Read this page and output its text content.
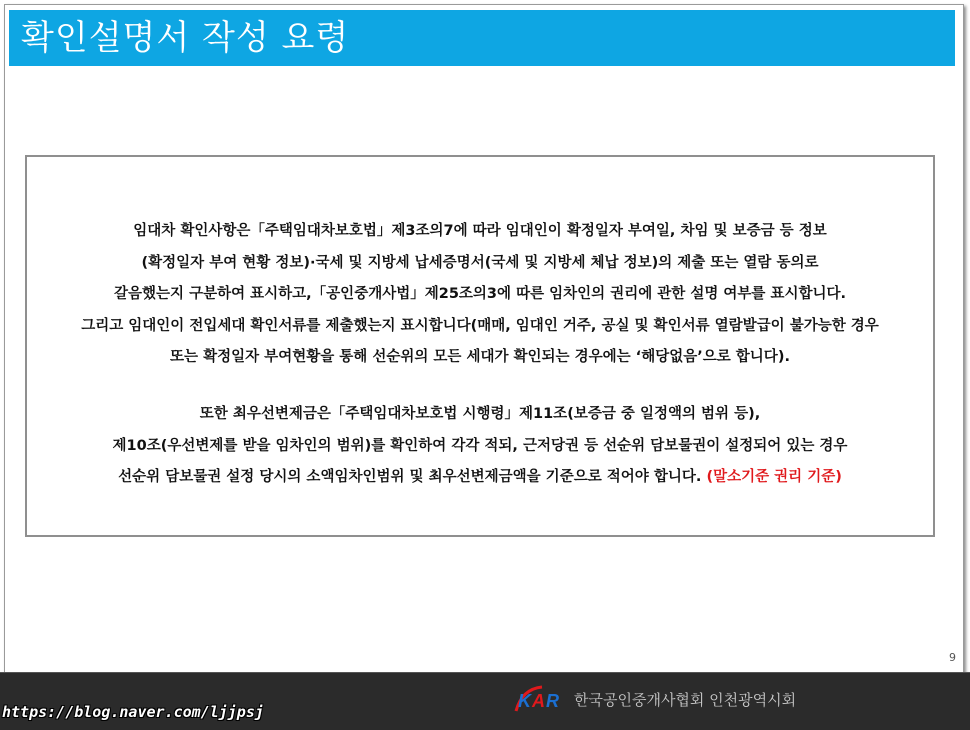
확인설명서 작성 요령
임대차 확인사항은「주택임대차보호법」제3조의7에 따라 임대인이 확정일자 부여일, 차임 및 보증금 등 정보
(확정일자 부여 현황 정보)·국세 및 지방세 납세증명서(국세 및 지방세 체납 정보)의 제출 또는 열람 동의로
갈음했는지 구분하여 표시하고,「공인중개사법」제25조의3에 따른 임차인의 권리에 관한 설명 여부를 표시합니다.
그리고 임대인이 전입세대 확인서류를 제출했는지 표시합니다(매매, 임대인 거주, 공실 및 확인서류 열람발급이 불가능한 경우
또는 확정일자 부여현황을 통해 선순위의 모든 세대가 확인되는 경우에는 ‘해당없음’으로 합니다).
또한 최우선변제금은「주택임대차보호법 시행령」제11조(보증금 중 일정액의 범위 등),
제10조(우선변제를 받을 임차인의 범위)를 확인하여 각각 적되, 근저당권 등 선순위 담보물권이 설정되어 있는 경우
선순위 담보물권 설정 당시의 소액임차인범위 및 최우선변제금액을 기준으로 적어야 합니다. (말소기준 권리 기준)
9
K A R 한국공인중개사협회 인천광역시회
https://blog.naver.com/ljjpsj
